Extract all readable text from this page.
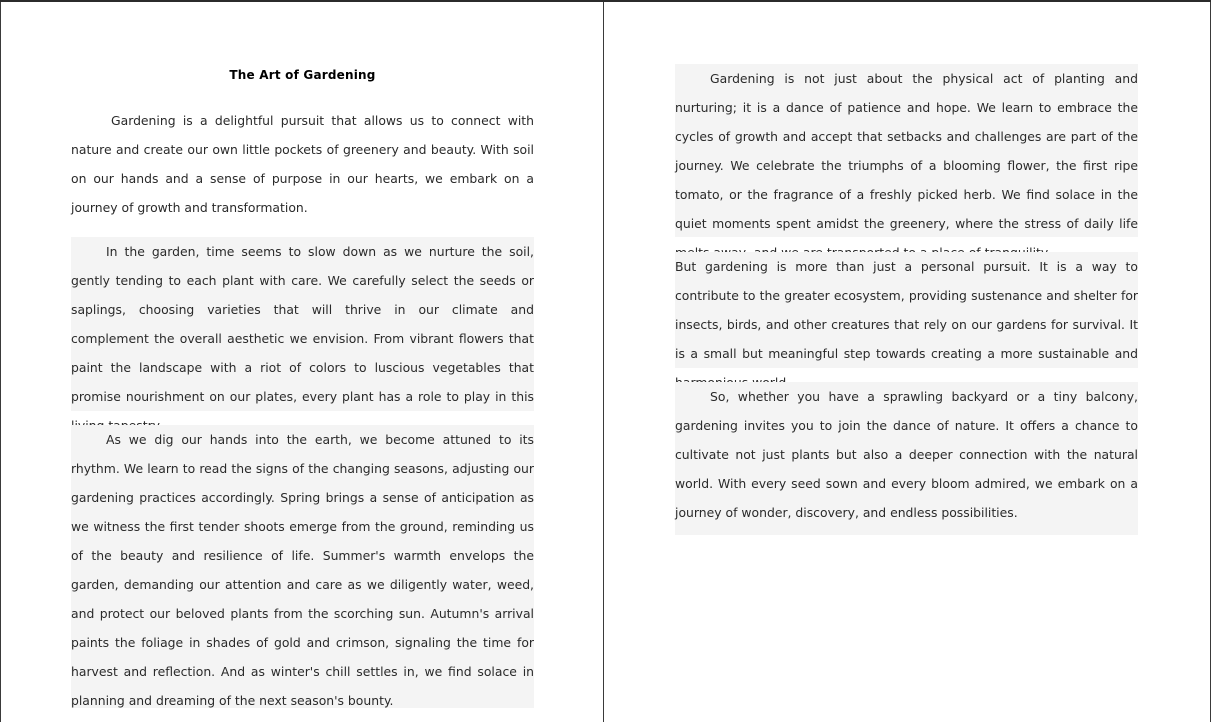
The Art of Gardening

Gardening is a delightful pursuit that allows us to connect with nature and create our own little pockets of greenery and beauty. With soil on our hands and a sense of purpose in our hearts, we embark on a journey of growth and transformation.

In the garden, time seems to slow down as we nurture the soil, gently tending to each plant with care. We carefully select the seeds or saplings, choosing varieties that will thrive in our climate and complement the overall aesthetic we envision. From vibrant flowers that paint the landscape with a riot of colors to luscious vegetables that promise nourishment on our plates, every plant has a role to play in this

As we dig our hands into the earth, we become attuned to its rhythm. We learn to read the signs of the changing seasons, adjusting our gardening practices accordingly. Spring brings a sense of anticipation as we witness the first tender shoots emerge from the ground, reminding us of the beauty and resilience of life. Summer's warmth envelops the garden, demanding our attention and care as we diligently water, weed, and protect our beloved plants from the scorching sun. Autumn's arrival paints the foliage in shades of gold and crimson, signaling the time for harvest and reflection. And as winter's chill settles in, we find solace in planning and dreaming of the next season's bounty.

Gardening is not just about the physical act of planting and nurturing; it is a dance of patience and hope. We learn to embrace the cycles of growth and accept that setbacks and challenges are part of the journey. We celebrate the triumphs of a blooming flower, the first ripe tomato, or the fragrance of a freshly picked herb. We find solace in the quiet moments spent amidst the greenery, where the stress of daily life

But gardening is more than just a personal pursuit. It is a way to contribute to the greater ecosystem, providing sustenance and shelter for insects, birds, and other creatures that rely on our gardens for survival. It is a small but meaningful step towards creating a more sustainable and

So, whether you have a sprawling backyard or a tiny balcony, gardening invites you to join the dance of nature. It offers a chance to cultivate not just plants but also a deeper connection with the natural world. With every seed sown and every bloom admired, we embark on a journey of wonder, discovery, and endless possibilities.
